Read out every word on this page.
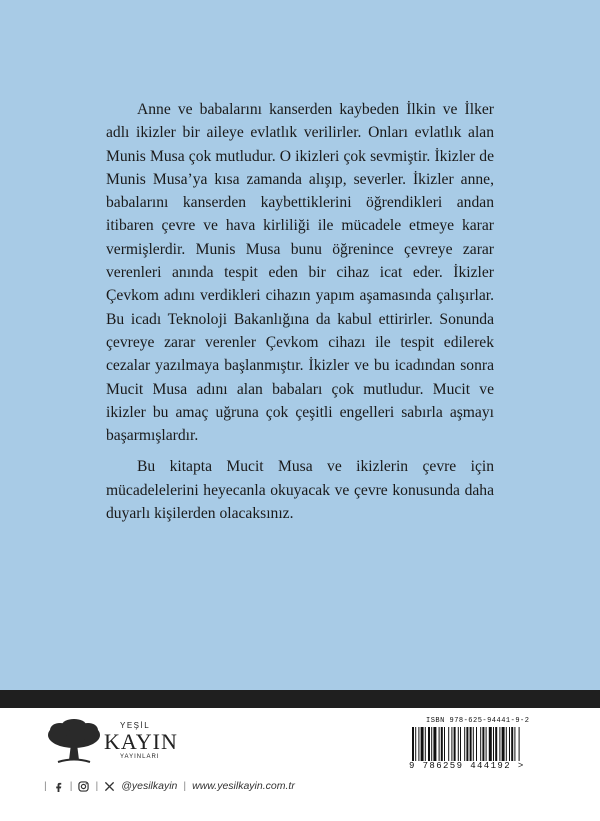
Anne ve babalarını kanserden kaybeden İlkin ve İlker adlı ikizler bir aileye evlatlık verilirler. Onları evlatlık alan Munis Musa çok mutludur. O ikizleri çok sevmiştir. İkizler de Munis Musa’ya kısa zamanda alışıp, severler. İkizler anne, babalarını kanserden kaybettiklerini öğrendikleri andan itibaren çevre ve hava kirliliği ile mücadele etmeye karar vermişlerdir. Munis Musa bunu öğrenince çevreye zarar verenleri anında tespit eden bir cihaz icat eder. İkizler Çevkom adını verdikleri cihazın yapım aşamasında çalışırlar. Bu icadı Teknoloji Bakanlığına da kabul ettirirler. Sonunda çevreye zarar verenler Çevkom cihazı ile tespit edilerek cezalar yazılmaya başlanmıştır. İkizler ve bu icadından sonra Mucit Musa adını alan babaları çok mutludur. Mucit ve ikizler bu amaç uğruna çok çeşitli engelleri sabırla aşmayı başarmışlardır.

Bu kitapta Mucit Musa ve ikizlerin çevre için mücadelelerini heyecanla okuyacak ve çevre konusunda daha duyarlı kişilerden olacaksınız.

YEŞİL
KAYIN
YAYINLARI
ISBN 978-625-94441-9-2
9 786259 444192 >
| | | @yesilkayin | www.yesilkayin.com.tr
